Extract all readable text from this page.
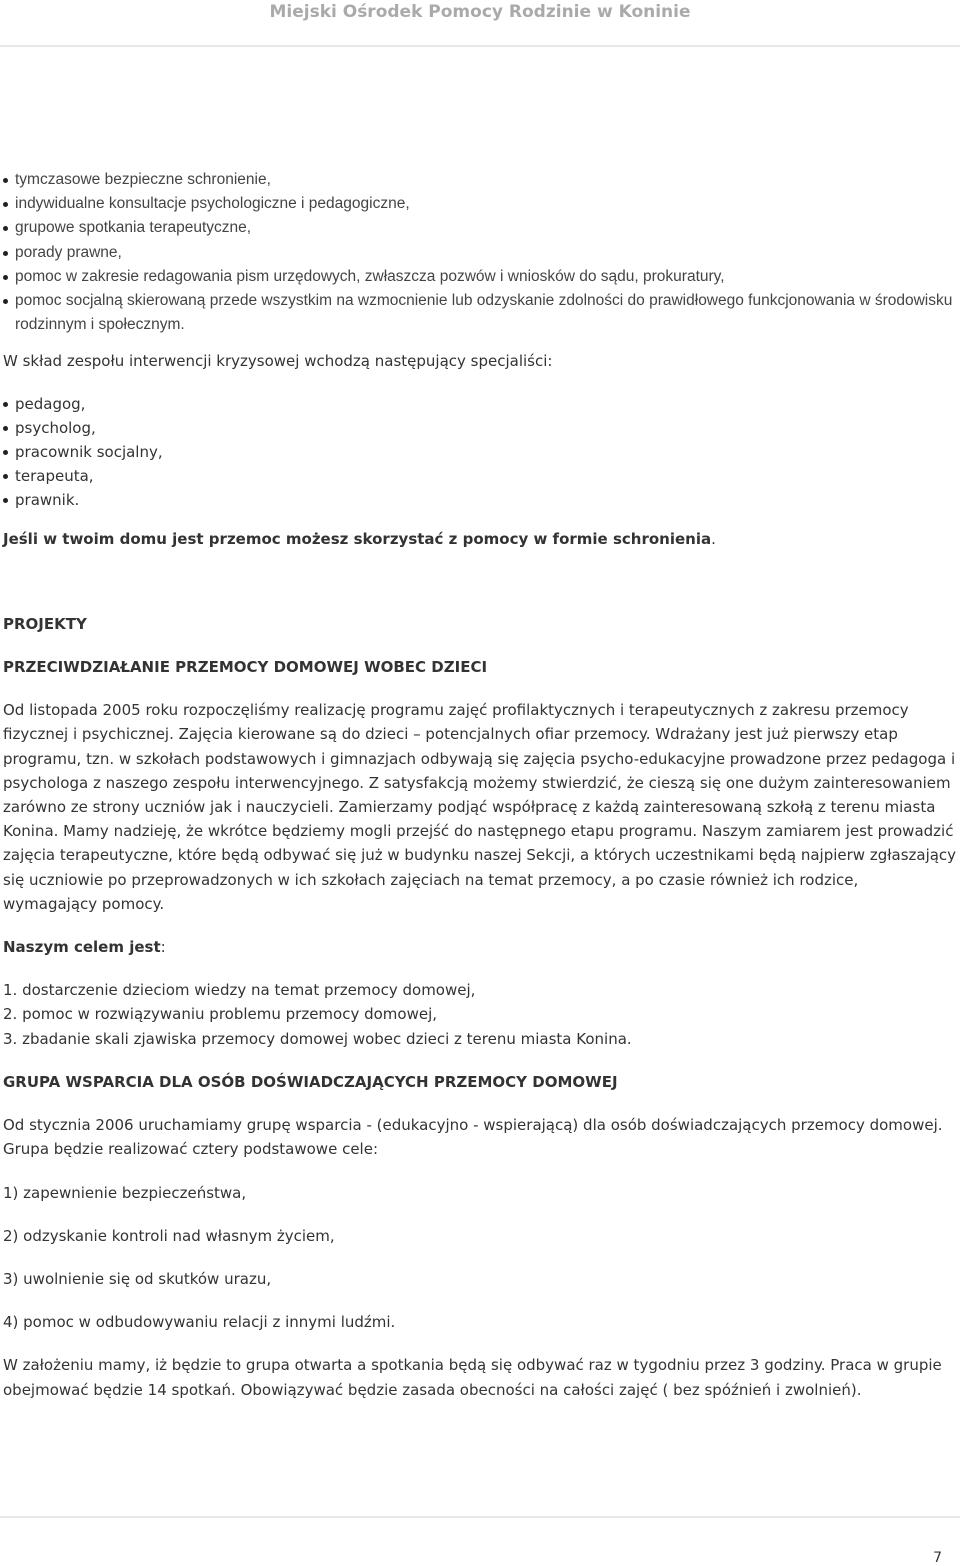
Miejski Ośrodek Pomocy Rodzinie w Koninie
tymczasowe bezpieczne schronienie,
indywidualne konsultacje psychologiczne i pedagogiczne,
grupowe spotkania terapeutyczne,
porady prawne,
pomoc w zakresie redagowania pism urzędowych, zwłaszcza pozwów i wniosków do sądu, prokuratury,
pomoc socjalną skierowaną przede wszystkim na wzmocnienie lub odzyskanie zdolności do prawidłowego funkcjonowania w środowisku rodzinnym i społecznym.

W skład zespołu interwencji kryzysowej wchodzą następujący specjaliści:

pedagog,
psycholog,
pracownik socjalny,
terapeuta,
prawnik.

Jeśli w twoim domu jest przemoc możesz skorzystać z pomocy w formie schronienia.

PROJEKTY

PRZECIWDZIAŁANIE PRZEMOCY DOMOWEJ WOBEC DZIECI

Od listopada 2005 roku rozpoczęliśmy realizację programu zajęć profilaktycznych i terapeutycznych z zakresu przemocy fizycznej i psychicznej. Zajęcia kierowane są do dzieci – potencjalnych ofiar przemocy. Wdrażany jest już pierwszy etap programu, tzn. w szkołach podstawowych i gimnazjach odbywają się zajęcia psycho-edukacyjne prowadzone przez pedagoga i psychologa z naszego zespołu interwencyjnego. Z satysfakcją możemy stwierdzić, że cieszą się one dużym zainteresowaniem zarówno ze strony uczniów jak i nauczycieli. Zamierzamy podjąć współpracę z każdą zainteresowaną szkołą z terenu miasta Konina. Mamy nadzieję, że wkrótce będziemy mogli przejść do następnego etapu programu. Naszym zamiarem jest prowadzić zajęcia terapeutyczne, które będą odbywać się już w budynku naszej Sekcji, a których uczestnikami będą najpierw zgłaszający się uczniowie po przeprowadzonych w ich szkołach zajęciach na temat przemocy, a po czasie również ich rodzice, wymagający pomocy.

Naszym celem jest:

1. dostarczenie dzieciom wiedzy na temat przemocy domowej,

2. pomoc w rozwiązywaniu problemu przemocy domowej,

3. zbadanie skali zjawiska przemocy domowej wobec dzieci z terenu miasta Konina.

GRUPA WSPARCIA DLA OSÓB DOŚWIADCZAJĄCYCH PRZEMOCY DOMOWEJ

Od stycznia 2006 uruchamiamy grupę wsparcia - (edukacyjno - wspierającą) dla osób doświadczających przemocy domowej. Grupa będzie realizować cztery podstawowe cele:

1) zapewnienie bezpieczeństwa,

2) odzyskanie kontroli nad własnym życiem,

3) uwolnienie się od skutków urazu,

4) pomoc w odbudowywaniu relacji z innymi ludźmi.

W założeniu mamy, iż będzie to grupa otwarta a spotkania będą się odbywać raz w tygodniu przez 3 godziny. Praca w grupie obejmować będzie 14 spotkań. Obowiązywać będzie zasada obecności na całości zajęć ( bez spóźnień i zwolnień).

7
